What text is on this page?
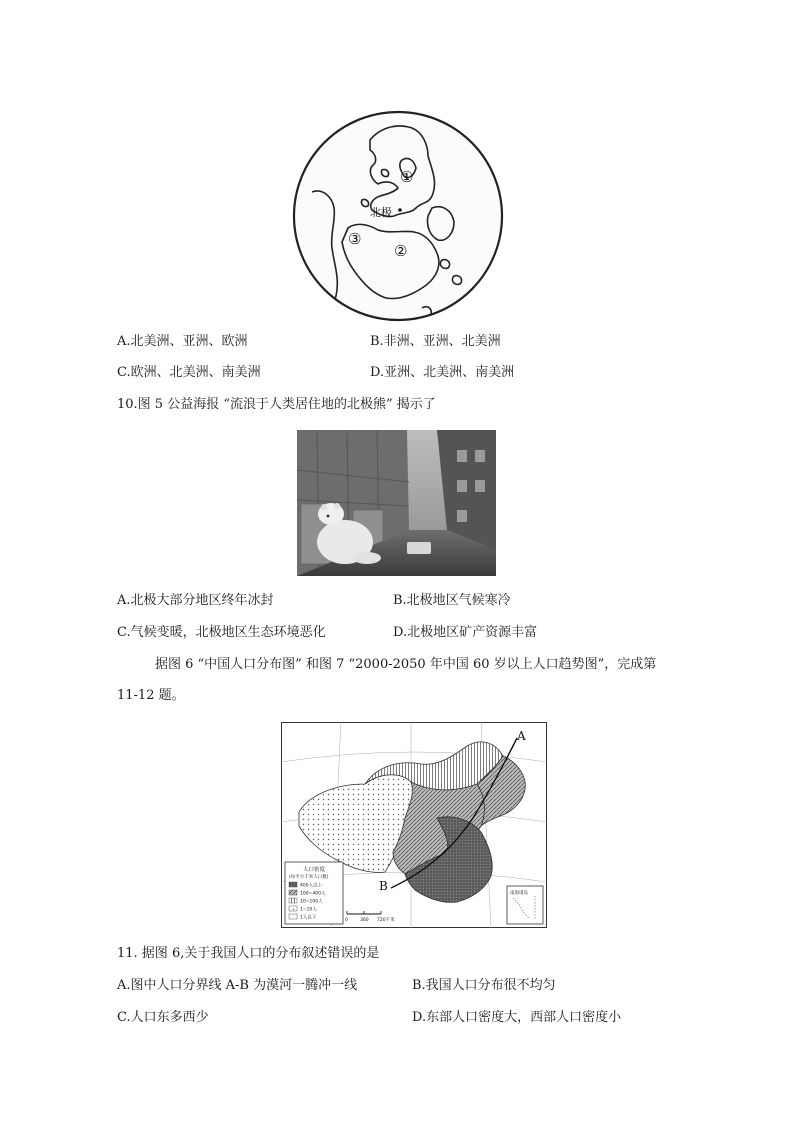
北极
①
②
③
A.北美洲、亚洲、欧洲	B.非洲、亚洲、北美洲
C.欧洲、北美洲、南美洲	D.亚洲、北美洲、南美洲
10.图 5 公益海报 “流浪于人类居住地的北极熊” 揭示了
A.北极大部分地区终年冰封	B.北极地区气候寒冷
C.气候变暖，北极地区生态环境恶化	D.北极地区矿产资源丰富
据图 6 “中国人口分布图” 和图 7 “2000-2050 年中国 60 岁以上人口趋势图”，完成第
11-12 题。
A
B
人口密度
(每平方千米人口数)
400人以上
100~400人
10~100人
1~10人
1人以下	0	360 720千米
南海诸岛
11. 据图 6,关于我国人口的分布叙述错误的是
A.图中人口分界线 A-B 为漠河一腾冲一线	B.我国人口分布很不均匀
C.人口东多西少	D.东部人口密度大，西部人口密度小
